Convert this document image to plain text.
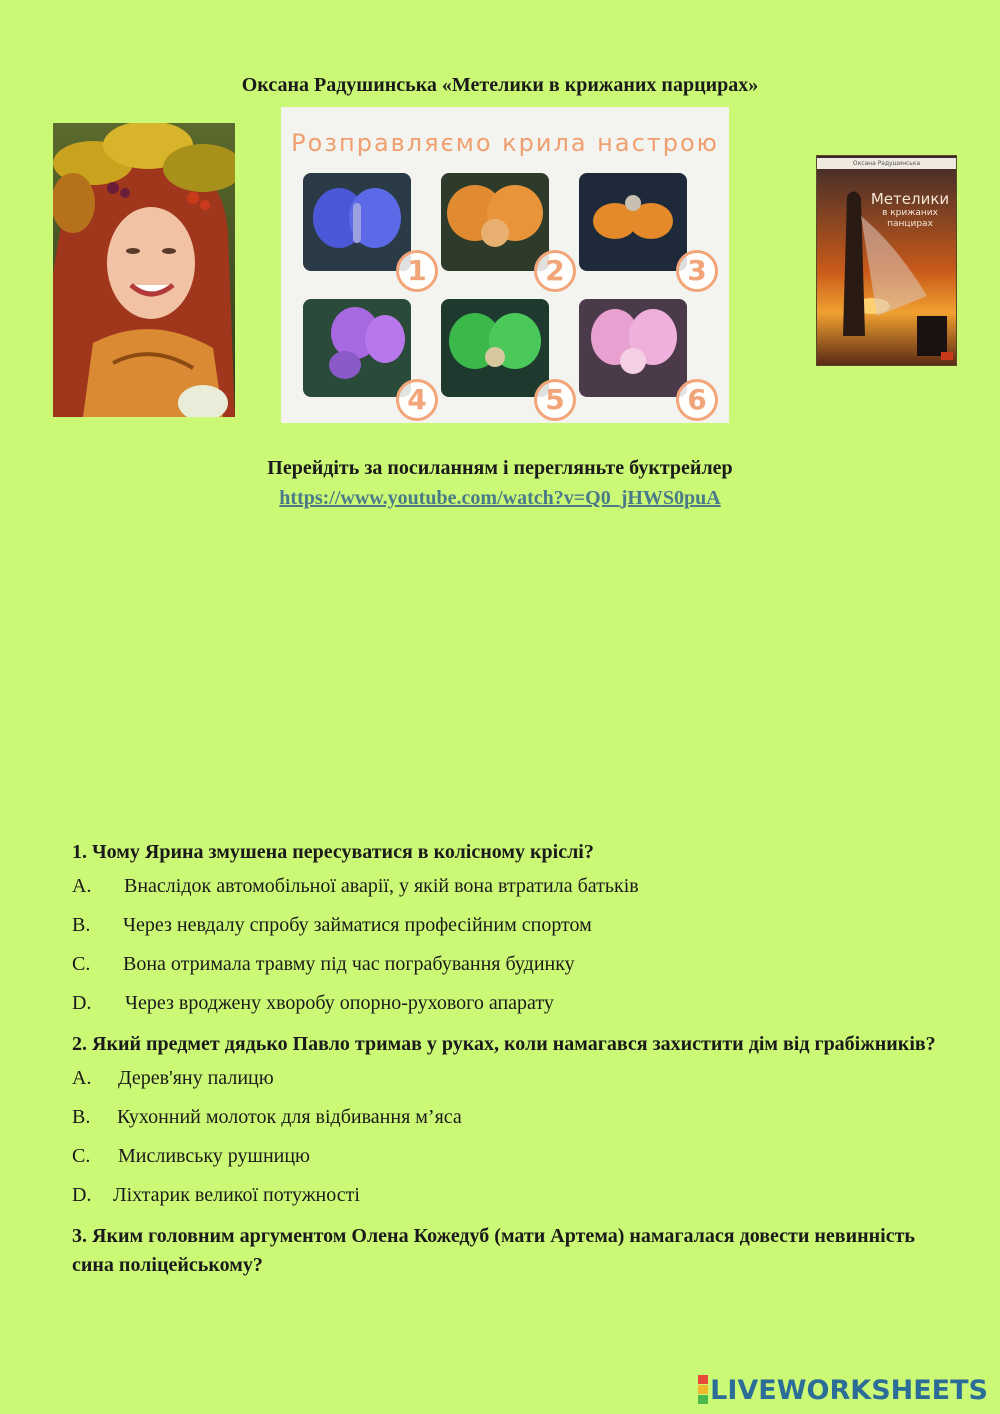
Оксана Радушинська «Метелики в крижаних парцирах»
Розправляємо крила настрою
1	2	3
4	5	6
Оксана Радушинська
Метелики
в крижаних
панцирах
Перейдіть за посиланням і перегляньте буктрейлер
https://www.youtube.com/watch?v=Q0_jHWS0puA
1. Чому Ярина змушена пересуватися в колісному кріслі?
A.	Внаслідок автомобільної аварії, у якій вона втратила батьків
B.	Через невдалу спробу займатися професійним спортом
C.	Вона отримала травму під час пограбування будинку
D.	Через вроджену хворобу опорно-рухового апарату
2. Який предмет дядько Павло тримав у руках, коли намагався захистити дім від грабіжників?
A.	Дерев'яну палицю
B.	Кухонний молоток для відбивання м’яса
C.	Мисливську рушницю
D.	Ліхтарик великої потужності
3. Яким головним аргументом Олена Кожедуб (мати Артема) намагалася довести невинність сина поліцейському?
LIVEWORKSHEETS
